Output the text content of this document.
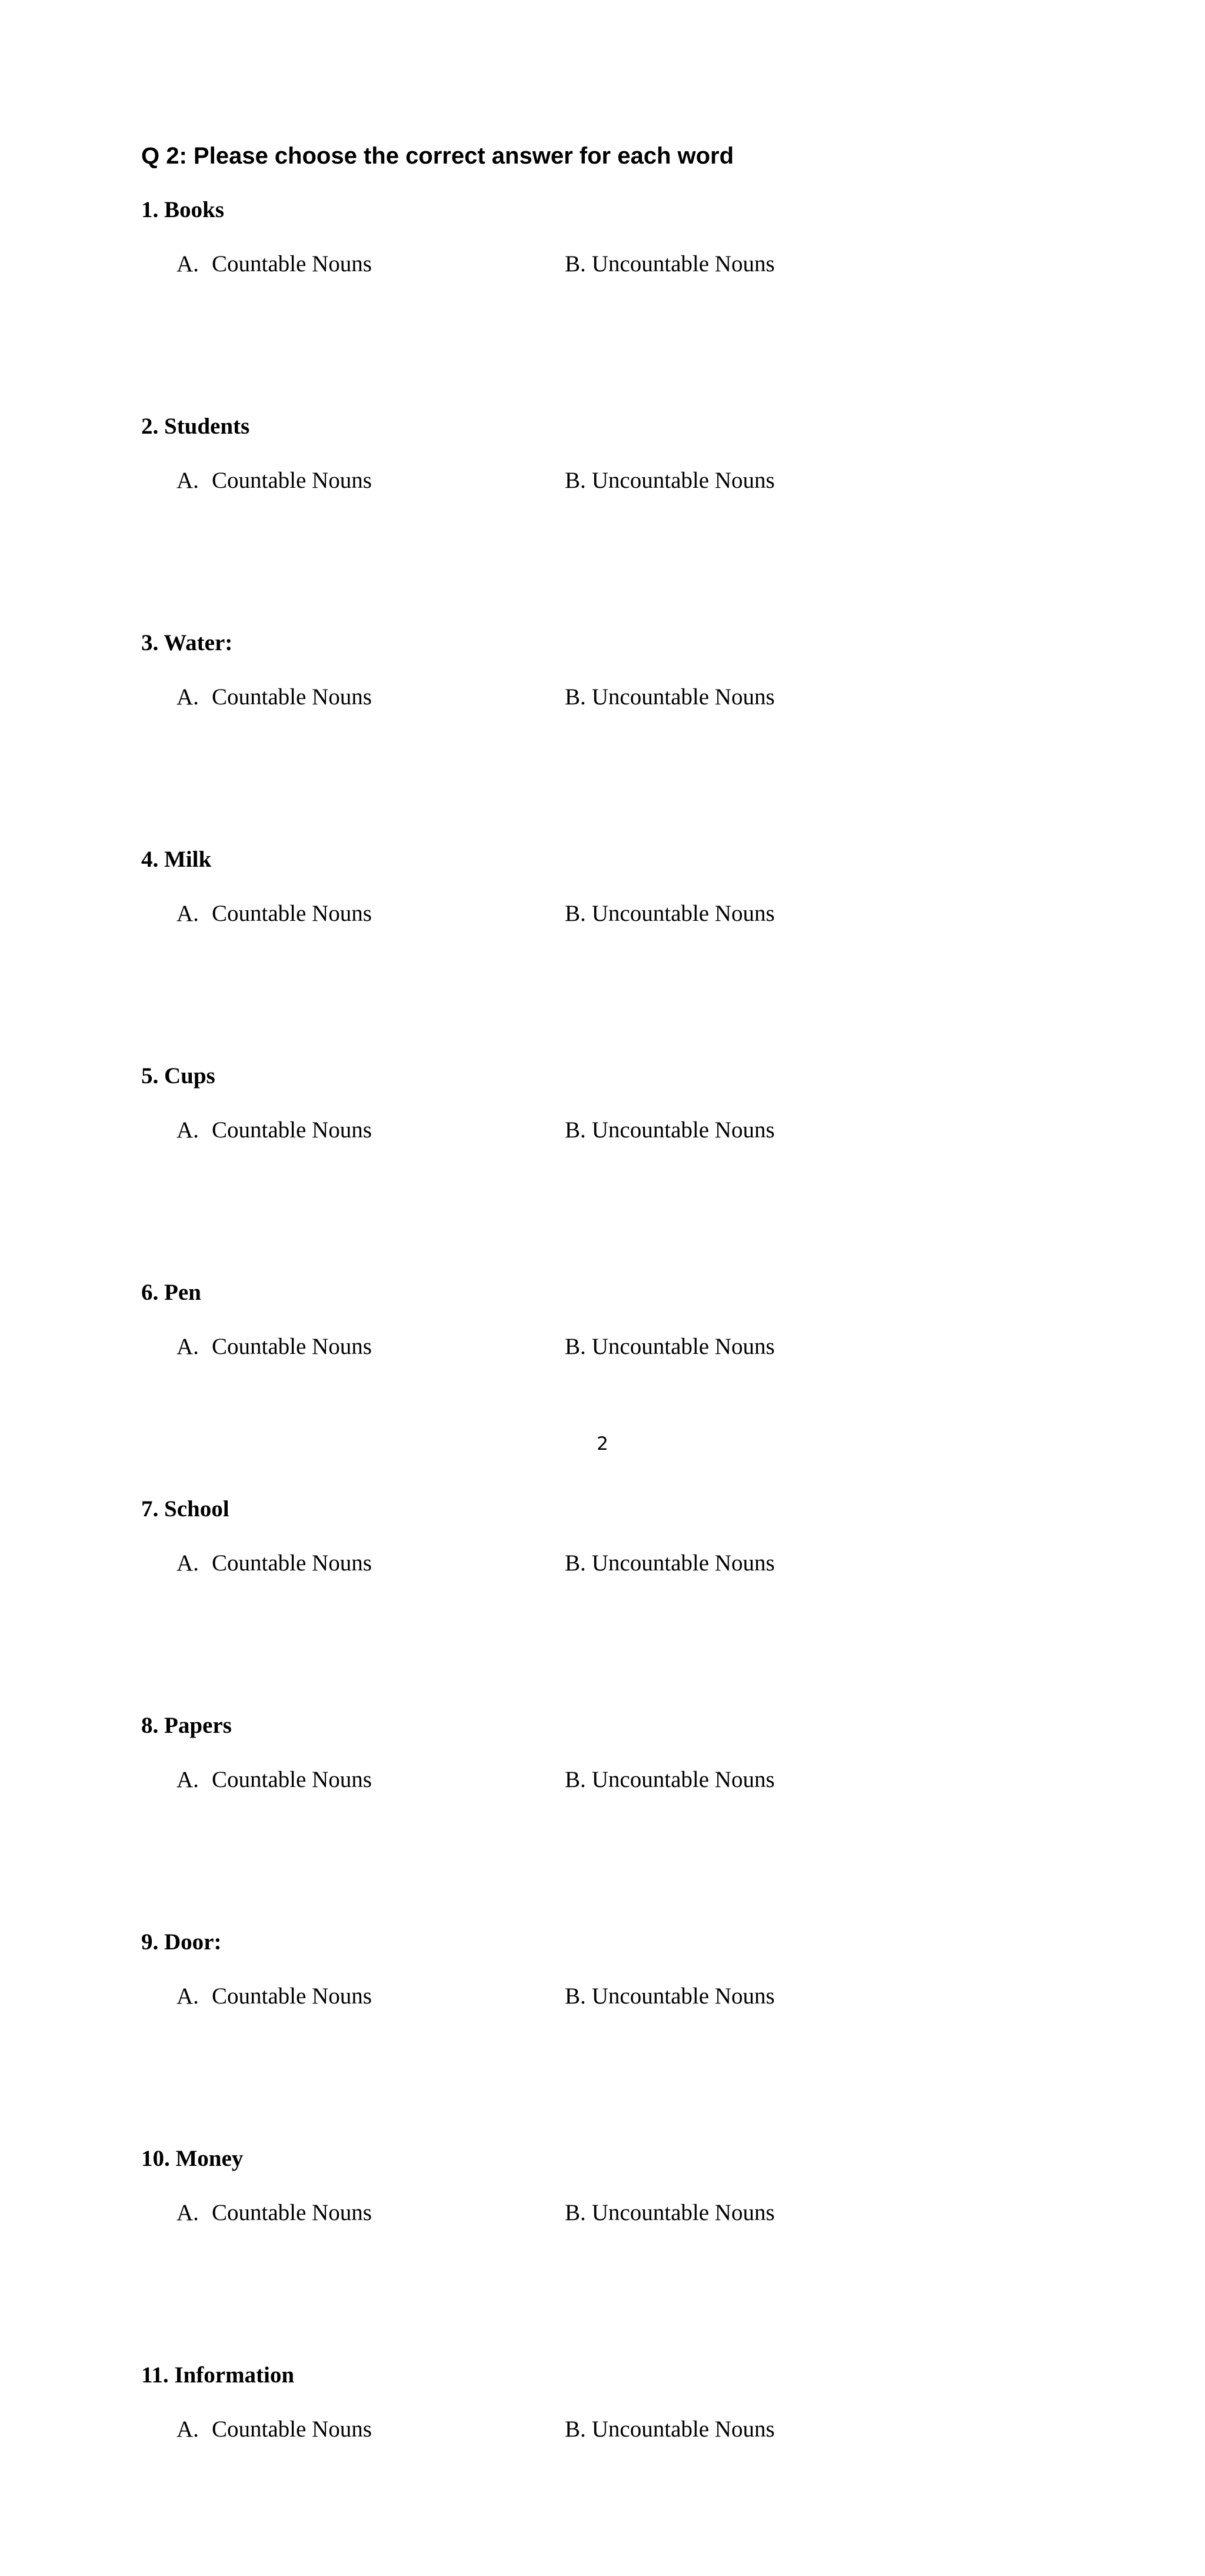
Q 2: Please choose the correct answer for each word

1. Books

A. Countable Nouns	B. Uncountable Nouns

2. Students

A. Countable Nouns	B. Uncountable Nouns

3. Water:

A. Countable Nouns	B. Uncountable Nouns

4. Milk

A. Countable Nouns	B. Uncountable Nouns

5. Cups

A. Countable Nouns	B. Uncountable Nouns

6. Pen

A. Countable Nouns	B. Uncountable Nouns

7. School

A. Countable Nouns	B. Uncountable Nouns

8. Papers

A. Countable Nouns	B. Uncountable Nouns

9. Door:

A. Countable Nouns	B. Uncountable Nouns

10. Money

A. Countable Nouns	B. Uncountable Nouns

11. Information

A. Countable Nouns	B. Uncountable Nouns
2
